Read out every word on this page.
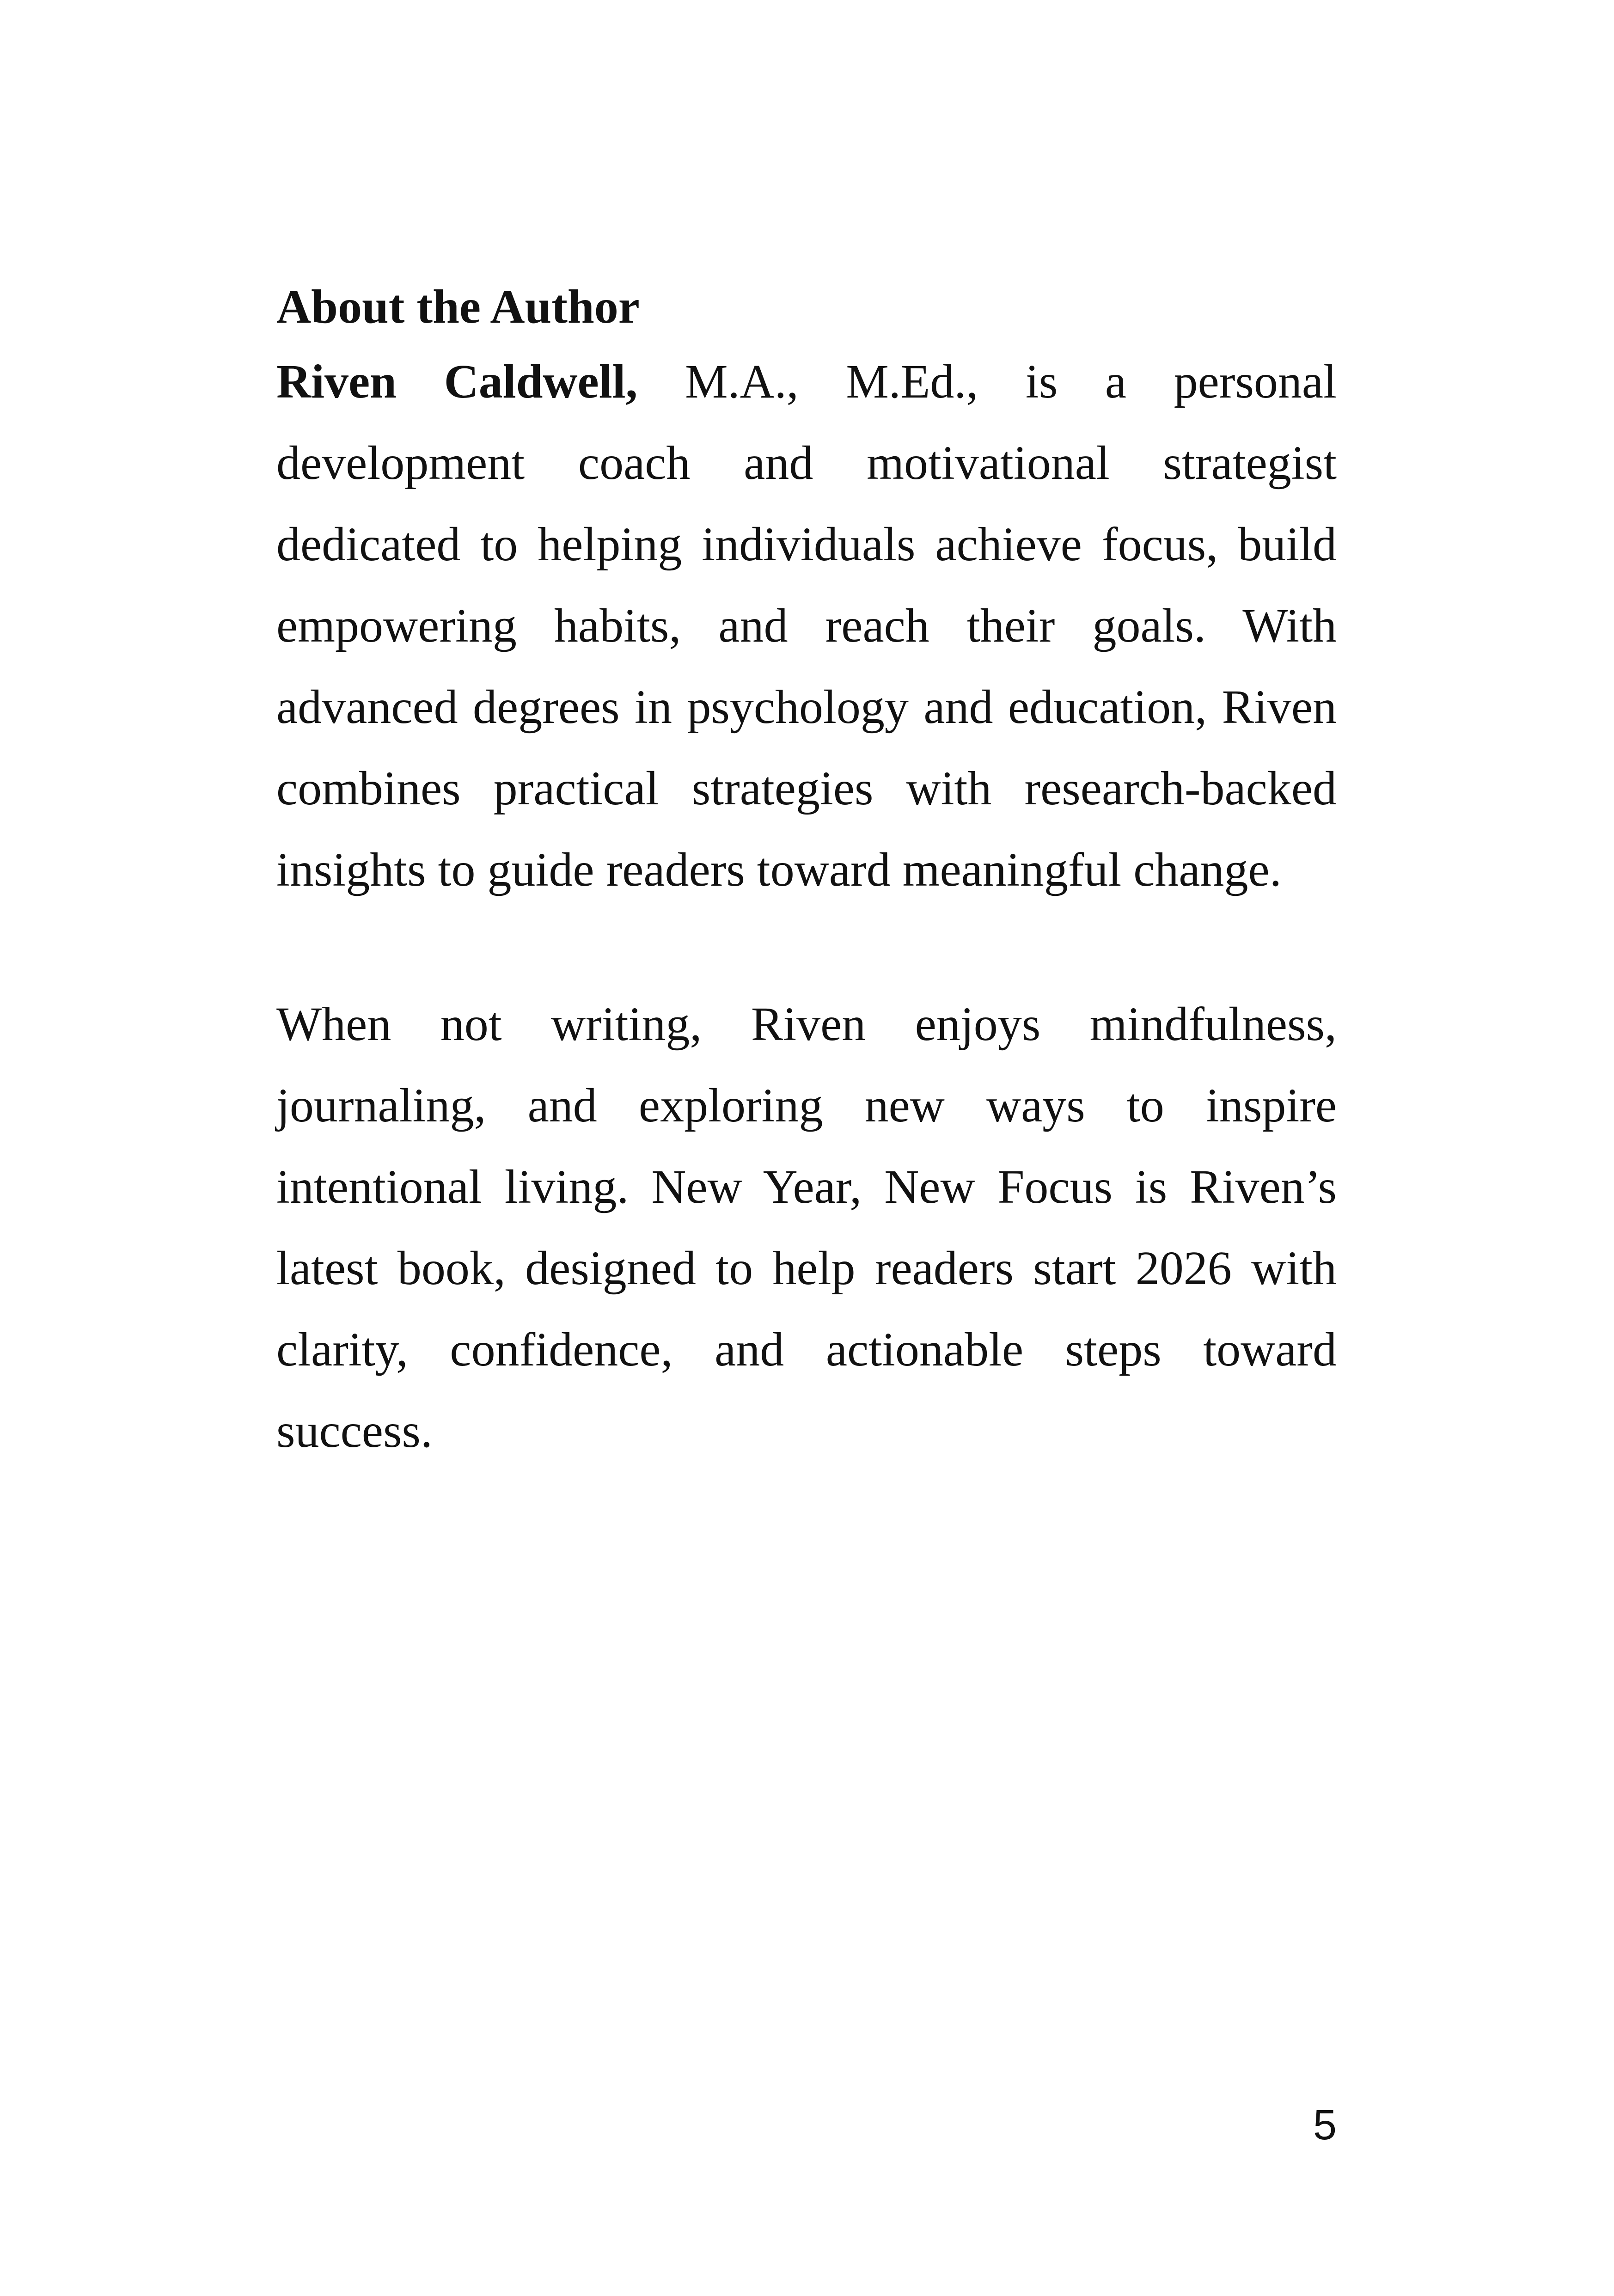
About the Author

Riven Caldwell, M.A., M.Ed., is a personal development coach and motivational strategist dedicated to helping individuals achieve focus, build empowering habits, and reach their goals. With advanced degrees in psychology and education, Riven combines practical strategies with research-backed insights to guide readers toward meaningful change.

When not writing, Riven enjoys mindfulness, journaling, and exploring new ways to inspire intentional living. New Year, New Focus is Riven’s latest book, designed to help readers start 2026 with clarity, confidence, and actionable steps toward success.

5
